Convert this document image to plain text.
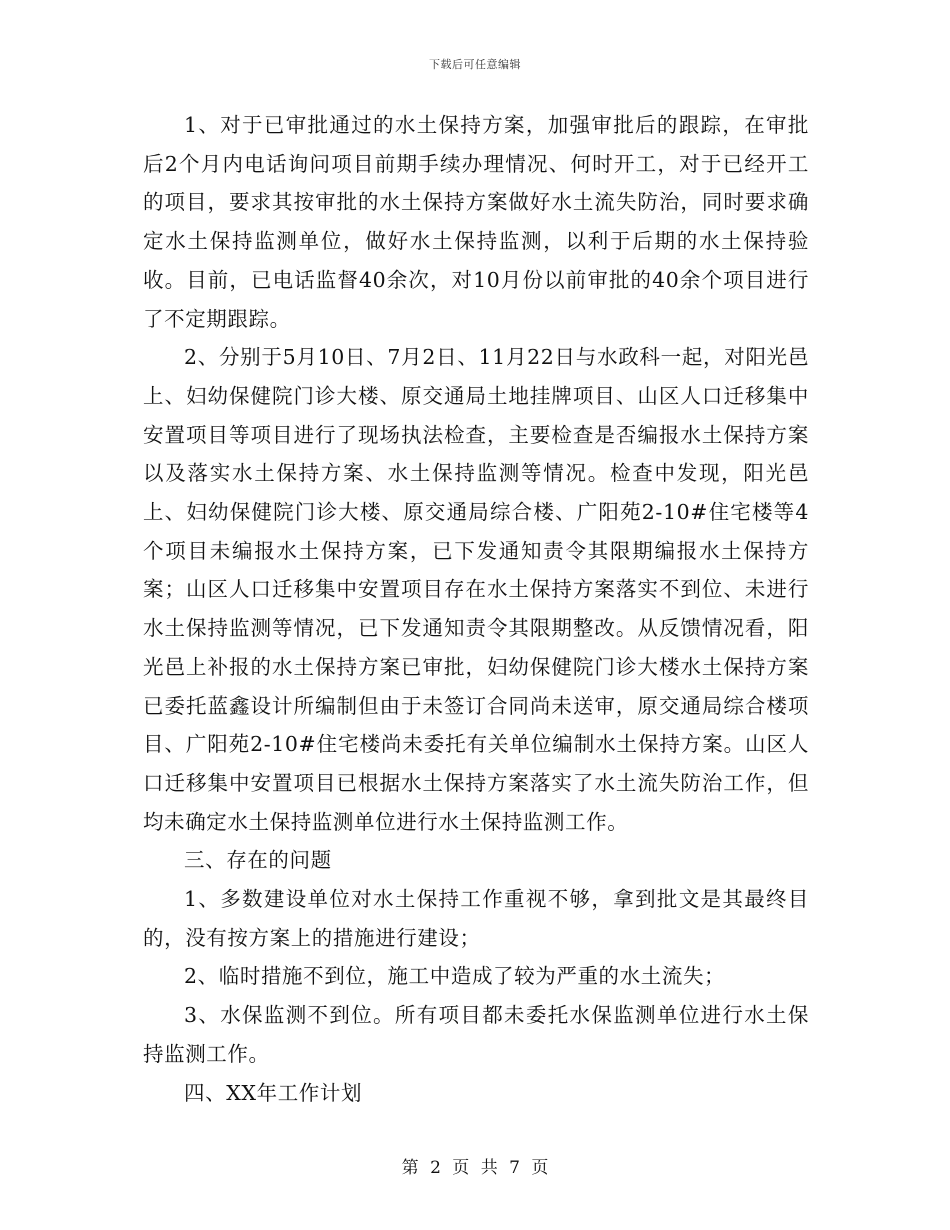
下载后可任意编辑

1、对于已审批通过的水土保持方案，加强审批后的跟踪，在审批后2个月内电话询问项目前期手续办理情况、何时开工，对于已经开工的项目，要求其按审批的水土保持方案做好水土流失防治，同时要求确定水土保持监测单位，做好水土保持监测，以利于后期的水土保持验收。目前，已电话监督40余次，对10月份以前审批的40余个项目进行了不定期跟踪。

2、分别于5月10日、7月2日、11月22日与水政科一起，对阳光邑上、妇幼保健院门诊大楼、原交通局土地挂牌项目、山区人口迁移集中安置项目等项目进行了现场执法检查，主要检查是否编报水土保持方案以及落实水土保持方案、水土保持监测等情况。检查中发现，阳光邑上、妇幼保健院门诊大楼、原交通局综合楼、广阳苑2-10#住宅楼等4个项目未编报水土保持方案，已下发通知责令其限期编报水土保持方案；山区人口迁移集中安置项目存在水土保持方案落实不到位、未进行水土保持监测等情况，已下发通知责令其限期整改。从反馈情况看，阳光邑上补报的水土保持方案已审批，妇幼保健院门诊大楼水土保持方案已委托蓝鑫设计所编制但由于未签订合同尚未送审，原交通局综合楼项目、广阳苑2-10#住宅楼尚未委托有关单位编制水土保持方案。山区人口迁移集中安置项目已根据水土保持方案落实了水土流失防治工作，但均未确定水土保持监测单位进行水土保持监测工作。

三、存在的问题

1、多数建设单位对水土保持工作重视不够，拿到批文是其最终目的，没有按方案上的措施进行建设；

2、临时措施不到位，施工中造成了较为严重的水土流失；

3、水保监测不到位。所有项目都未委托水保监测单位进行水土保持监测工作。

四、XX年工作计划

第 2 页 共 7 页
